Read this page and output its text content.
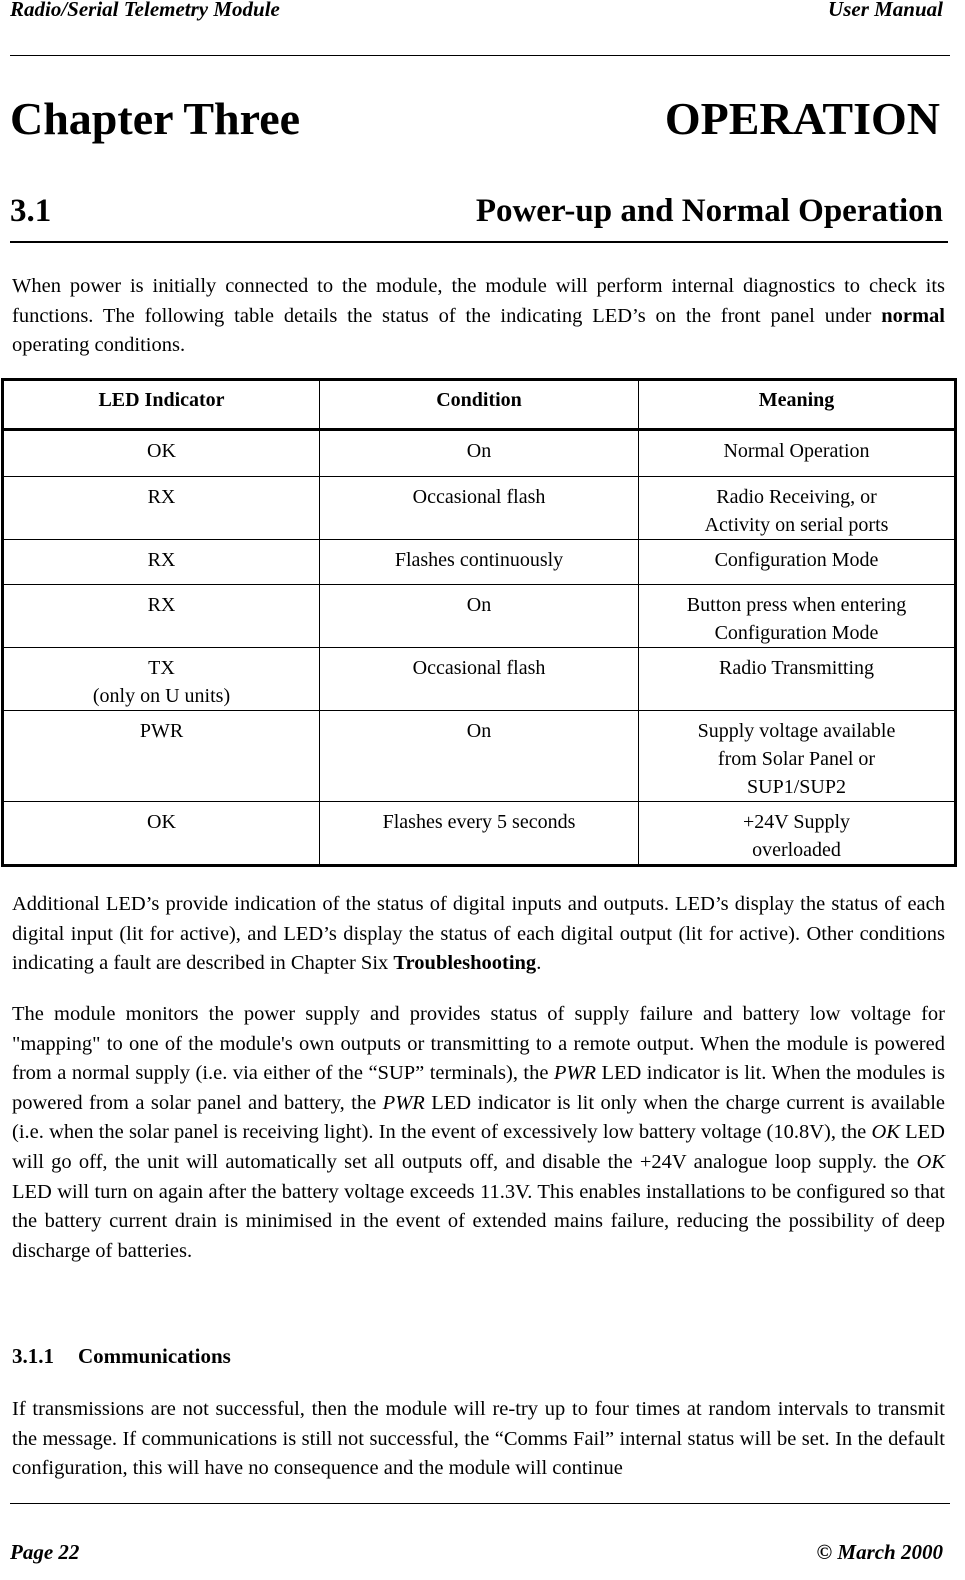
Radio/Serial Telemetry Module	User Manual
Chapter Three	OPERATION
3.1	Power-up and Normal Operation
When power is initially connected to the module, the module will perform internal diagnostics to check its functions. The following table details the status of the indicating LED’s on the front panel under normal operating conditions.
LED Indicator	Condition	Meaning
OK	On	Normal Operation
RX	Occasional flash	Radio Receiving, or
Activity on serial ports
RX	Flashes continuously	Configuration Mode
RX	On	Button press when entering
Configuration Mode
TX
(only on U units)	Occasional flash	Radio Transmitting
PWR	On	Supply voltage available
from Solar Panel or
SUP1/SUP2
OK	Flashes every 5 seconds	+24V Supply
overloaded
Additional LED’s provide indication of the status of digital inputs and outputs. LED’s display the status of each digital input (lit for active), and LED’s display the status of each digital output (lit for active). Other conditions indicating a fault are described in Chapter Six Troubleshooting.
The module monitors the power supply and provides status of supply failure and battery low voltage for "mapping" to one of the module's own outputs or transmitting to a remote output. When the module is powered from a normal supply (i.e. via either of the “SUP” terminals), the PWR LED indicator is lit. When the modules is powered from a solar panel and battery, the PWR LED indicator is lit only when the charge current is available (i.e. when the solar panel is receiving light). In the event of excessively low battery voltage (10.8V), the OK LED will go off, the unit will automatically set all outputs off, and disable the +24V analogue loop supply. the OK LED will turn on again after the battery voltage exceeds 11.3V. This enables installations to be configured so that the battery current drain is minimised in the event of extended mains failure, reducing the possibility of deep discharge of batteries.
3.1.1 Communications
If transmissions are not successful, then the module will re-try up to four times at random intervals to transmit the message. If communications is still not successful, the “Comms Fail” internal status will be set. In the default configuration, this will have no consequence and the module will continue
Page 22	© March 2000
